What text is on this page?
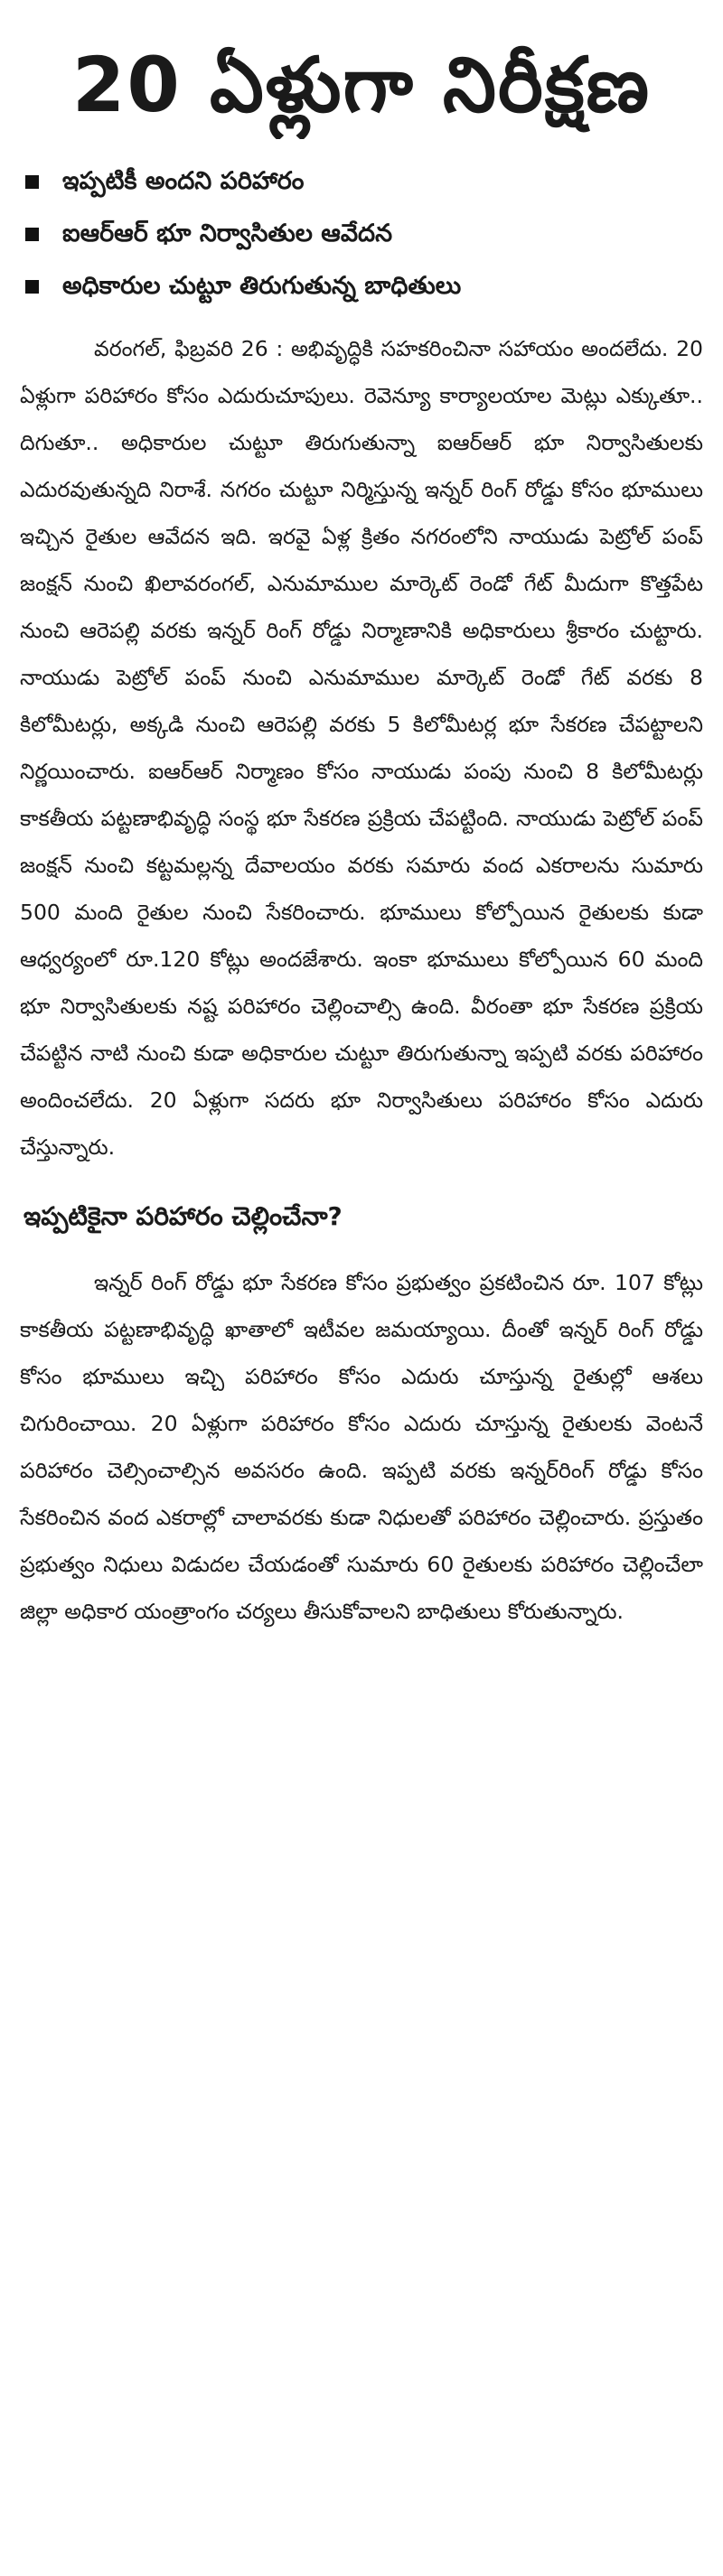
20 ఏళ్లుగా నిరీక్షణ
ఇప్పటికీ అందని పరిహారం
ఐఆర్‌ఆర్‌ భూ నిర్వాసితుల ఆవేదన
అధికారుల చుట్టూ తిరుగుతున్న బాధితులు

వరంగల్‌, ఫిబ్రవరి 26 : అభివృద్ధికి సహకరించినా సహాయం అందలేదు. 20 ఏళ్లుగా పరిహారం కోసం ఎదురుచూపులు. రెవెన్యూ కార్యాలయాల మెట్లు ఎక్కుతూ.. దిగుతూ.. అధికారుల చుట్టూ తిరుగుతున్నా ఐఆర్‌ఆర్‌ భూ నిర్వాసితులకు ఎదురవుతున్నది నిరాశే. నగరం చుట్టూ నిర్మిస్తున్న ఇన్నర్‌ రింగ్‌ రోడ్డు కోసం భూములు ఇచ్చిన రైతుల ఆవేదన ఇది. ఇరవై ఏళ్ల క్రితం నగరంలోని నాయుడు పెట్రోల్‌ పంప్‌ జంక్షన్‌ నుంచి ఖిలావరంగల్‌, ఎనుమాముల మార్కెట్‌ రెండో గేట్‌ మీదుగా కొత్తపేట నుంచి ఆరెపల్లి వరకు ఇన్నర్‌ రింగ్‌ రోడ్డు నిర్మాణానికి అధికారులు శ్రీకారం చుట్టారు. నాయుడు పెట్రోల్‌ పంప్‌ నుంచి ఎనుమాముల మార్కెట్‌ రెండో గేట్‌ వరకు 8 కిలోమీటర్లు, అక్కడి నుంచి ఆరెపల్లి వరకు 5 కిలోమీటర్ల భూ సేకరణ చేపట్టాలని నిర్ణయించారు. ఐఆర్‌ఆర్‌ నిర్మాణం కోసం నాయుడు పంపు నుంచి 8 కిలోమీటర్లు కాకతీయ పట్టణాభివృద్ధి సంస్థ భూ సేకరణ ప్రక్రియ చేపట్టింది. నాయుడు పెట్రోల్‌ పంప్‌ జంక్షన్‌ నుంచి కట్టమల్లన్న దేవాలయం వరకు సమారు వంద ఎకరాలను సుమారు 500 మంది రైతుల నుంచి సేకరించారు. భూములు కోల్పోయిన రైతులకు కుడా ఆధ్వర్యంలో రూ.120 కోట్లు అందజేశారు. ఇంకా భూములు కోల్పోయిన 60 మంది భూ నిర్వాసితులకు నష్ట పరిహారం చెల్లించాల్సి ఉంది. వీరంతా భూ సేకరణ ప్రక్రియ చేపట్టిన నాటి నుంచి కుడా అధికారుల చుట్టూ తిరుగుతున్నా ఇప్పటి వరకు పరిహారం అందించలేదు. 20 ఏళ్లుగా సదరు భూ నిర్వాసితులు పరిహారం కోసం ఎదురు చేస్తున్నారు.

ఇప్పటికైనా పరిహారం చెల్లించేనా?

ఇన్నర్‌ రింగ్‌ రోడ్డు భూ సేకరణ కోసం ప్రభుత్వం ప్రకటించిన రూ. 107 కోట్లు కాకతీయ పట్టణాభివృద్ధి ఖాతాలో ఇటీవల జమయ్యాయి. దీంతో ఇన్నర్‌ రింగ్‌ రోడ్డు కోసం భూములు ఇచ్చి పరిహారం కోసం ఎదురు చూస్తున్న రైతుల్లో ఆశలు చిగురించాయి. 20 ఏళ్లుగా పరిహారం కోసం ఎదురు చూస్తున్న రైతులకు వెంటనే పరిహారం చెల్సించాల్సిన అవసరం ఉంది. ఇప్పటి వరకు ఇన్నర్‌రింగ్‌ రోడ్డు కోసం సేకరించిన వంద ఎకరాల్లో చాలావరకు కుడా నిధులతో పరిహారం చెల్లించారు. ప్రస్తుతం ప్రభుత్వం నిధులు విడుదల చేయడంతో సుమారు 60 రైతులకు పరిహారం చెల్లించేలా జిల్లా అధికార యంత్రాంగం చర్యలు తీసుకోవాలని బాధితులు కోరుతున్నారు.
